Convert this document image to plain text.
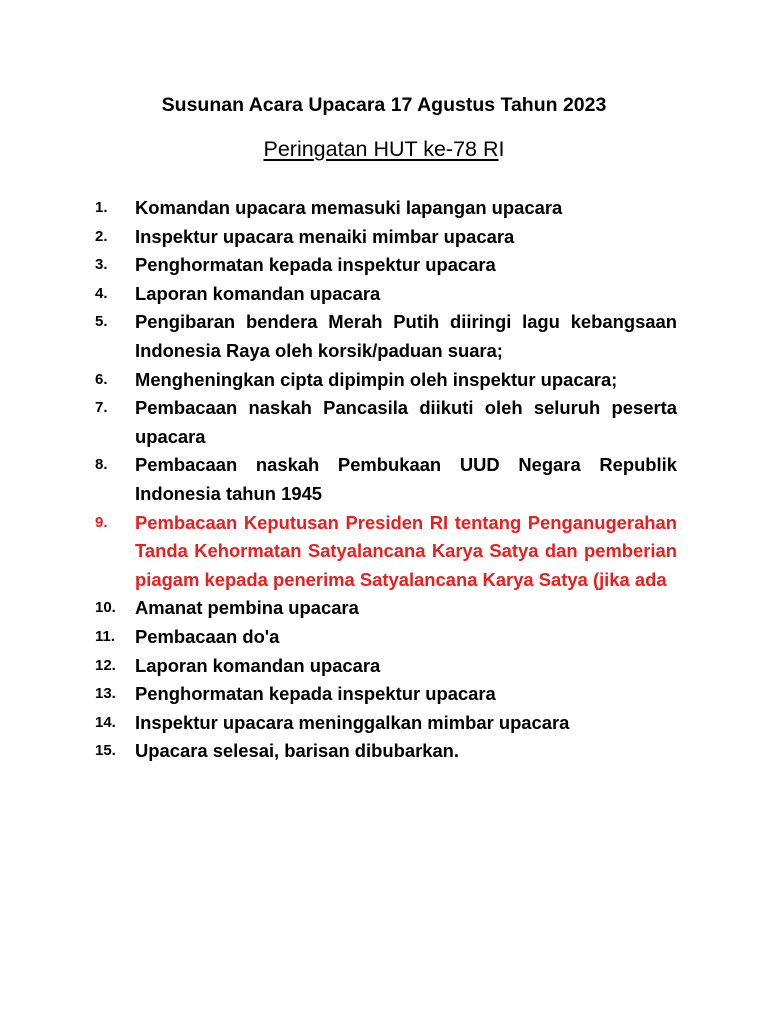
Susunan Acara Upacara 17 Agustus Tahun 2023
Peringatan HUT ke-78 RI
1.	Komandan upacara memasuki lapangan upacara
2.	Inspektur upacara menaiki mimbar upacara
3.	Penghormatan kepada inspektur upacara
4.	Laporan komandan upacara
5.	Pengibaran bendera Merah Putih diiringi lagu kebangsaan Indonesia Raya oleh korsik/paduan suara;
6.	Mengheningkan cipta dipimpin oleh inspektur upacara;
7.	Pembacaan naskah Pancasila diikuti oleh seluruh peserta upacara
8.	Pembacaan naskah Pembukaan UUD Negara Republik Indonesia tahun 1945
9.	Pembacaan Keputusan Presiden RI tentang Penganugerahan Tanda Kehormatan Satyalancana Karya Satya dan pemberian piagam kepada penerima Satyalancana Karya Satya (jika ada
10.	Amanat pembina upacara
11.	Pembacaan do'a
12.	Laporan komandan upacara
13.	Penghormatan kepada inspektur upacara
14.	Inspektur upacara meninggalkan mimbar upacara
15.	Upacara selesai, barisan dibubarkan.
